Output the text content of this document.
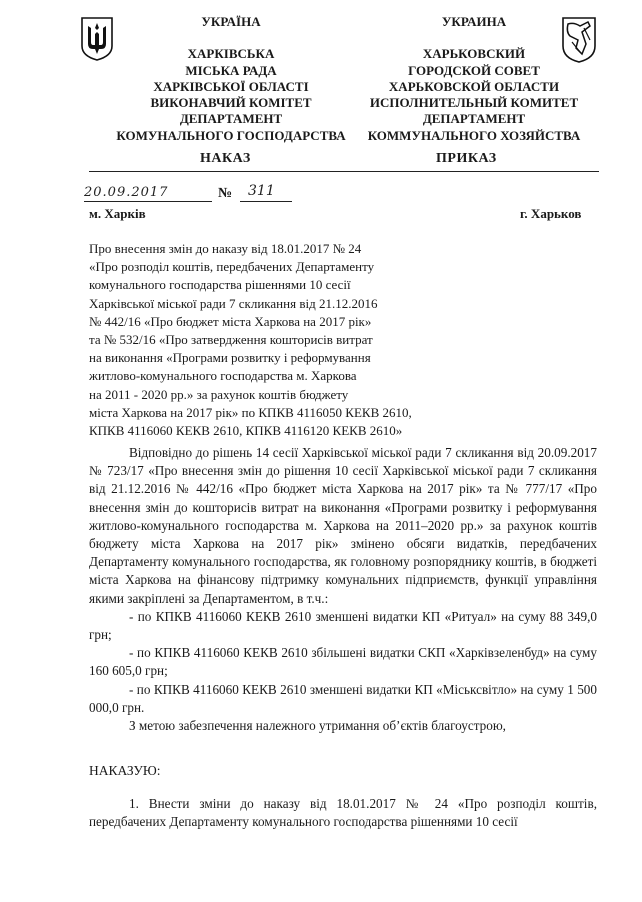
УКРАЇНА
ХАРКІВСЬКА
МІСЬКА РАДА
ХАРКІВСЬКОЇ ОБЛАСТІ
ВИКОНАВЧИЙ КОМІТЕТ
ДЕПАРТАМЕНТ
КОМУНАЛЬНОГО ГОСПОДАРСТВА
УКРАИНА
ХАРЬКОВСКИЙ
ГОРОДСКОЙ СОВЕТ
ХАРЬКОВСКОЙ ОБЛАСТИ
ИСПОЛНИТЕЛЬНЫЙ КОМИТЕТ
ДЕПАРТАМЕНТ
КОММУНАЛЬНОГО ХОЗЯЙСТВА
НАКАЗ	ПРИКАЗ
20.09.2017	№ 311
м. Харків	г. Харьков
Про внесення змін до наказу від 18.01.2017 № 24
«Про розподіл коштів, передбачених Департаменту
комунального господарства рішеннями 10 сесії
Харківської міської ради 7 скликання від 21.12.2016
№ 442/16 «Про бюджет міста Харкова на 2017 рік»
та № 532/16 «Про затвердження кошторисів витрат
на виконання «Програми розвитку і реформування
житлово-комунального господарства м. Харкова
на 2011 - 2020 рр.» за рахунок коштів бюджету
міста Харкова на 2017 рік» по КПКВ 4116050 КЕКВ 2610,
КПКВ 4116060 КЕКВ 2610, КПКВ 4116120 КЕКВ 2610»

Відповідно до рішень 14 сесії Харківської міської ради 7 скликання від 20.09.2017 № 723/17 «Про внесення змін до рішення 10 сесії Харківської міської ради 7 скликання від 21.12.2016 № 442/16 «Про бюджет міста Харкова на 2017 рік» та № 777/17 «Про внесення змін до кошторисів витрат на виконання «Програми розвитку і реформування житлово-комунального господарства м. Харкова на 2011–2020 рр.» за рахунок коштів бюджету міста Харкова на 2017 рік» змінено обсяги видатків, передбачених Департаменту комунального господарства, як головному розпоряднику коштів, в бюджеті міста Харкова на фінансову підтримку комунальних підприємств, функції управління якими закріплені за Департаментом, в т.ч.:

- по КПКВ 4116060 КЕКВ 2610 зменшені видатки КП «Ритуал» на суму 88 349,0 грн;

- по КПКВ 4116060 КЕКВ 2610 збільшені видатки СКП «Харківзеленбуд» на суму 160 605,0 грн;

- по КПКВ 4116060 КЕКВ 2610 зменшені видатки КП «Міськсвітло» на суму 1 500 000,0 грн.

З метою забезпечення належного утримання об’єктів благоустрою,

НАКАЗУЮ:

1. Внести зміни до наказу від 18.01.2017 № 24 «Про розподіл коштів, передбачених Департаменту комунального господарства рішеннями 10 сесії
